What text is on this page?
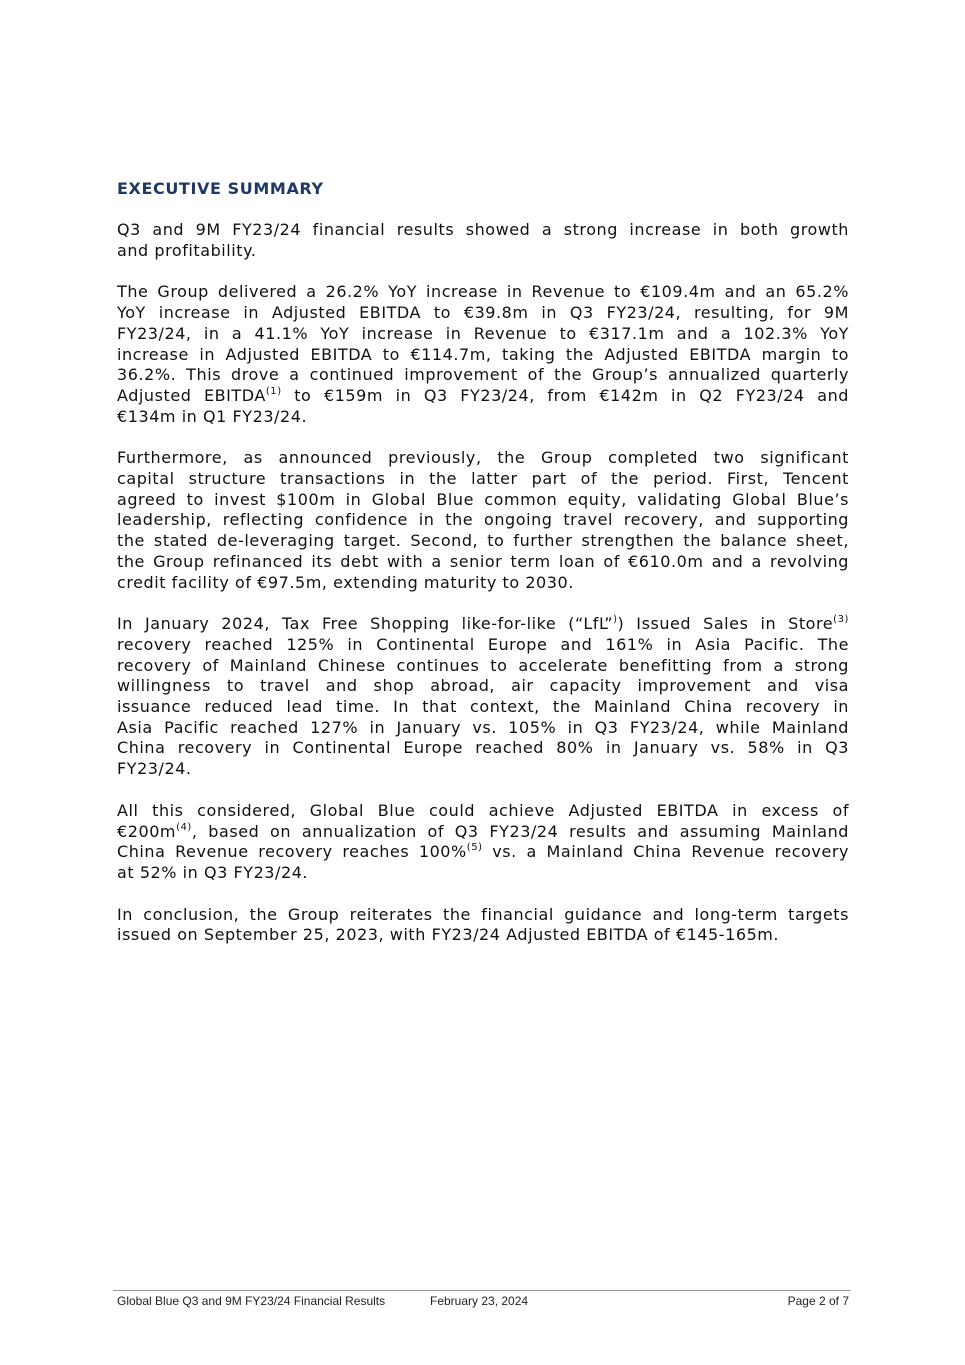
EXECUTIVE SUMMARY
Q3 and 9M FY23/24 financial results showed a strong increase in both growth
and profitability.
The Group delivered a 26.2% YoY increase in Revenue to €109.4m and an 65.2%
YoY increase in Adjusted EBITDA to €39.8m in Q3 FY23/24, resulting, for 9M
FY23/24, in a 41.1% YoY increase in Revenue to €317.1m and a 102.3% YoY
increase in Adjusted EBITDA to €114.7m, taking the Adjusted EBITDA margin to
36.2%. This drove a continued improvement of the Group’s annualized quarterly
Adjusted EBITDA$^{(1)}$ to €159m in Q3 FY23/24, from €142m in Q2 FY23/24 and
€134m in Q1 FY23/24.
Furthermore, as announced previously, the Group completed two significant
capital structure transactions in the latter part of the period. First, Tencent
agreed to invest $100m in Global Blue common equity, validating Global Blue’s
leadership, reflecting confidence in the ongoing travel recovery, and supporting
the stated de-leveraging target. Second, to further strengthen the balance sheet,
the Group refinanced its debt with a senior term loan of €610.0m and a revolving
credit facility of €97.5m, extending maturity to 2030.
In January 2024, Tax Free Shopping like-for-like (“LfL”)) Issued Sales in Store$^{(3)}$
recovery reached 125% in Continental Europe and 161% in Asia Pacific. The
recovery of Mainland Chinese continues to accelerate benefitting from a strong
willingness to travel and shop abroad, air capacity improvement and visa
issuance reduced lead time. In that context, the Mainland China recovery in
Asia Pacific reached 127% in January vs. 105% in Q3 FY23/24, while Mainland
China recovery in Continental Europe reached 80% in January vs. 58% in Q3
FY23/24.
All this considered, Global Blue could achieve Adjusted EBITDA in excess of
$€200m^{(4)}$, based on annualization of Q3 FY23/24 results and assuming Mainland
China Revenue recovery reaches 100%$^{(5)}$ vs. a Mainland China Revenue recovery
at 52% in Q3 FY23/24.
In conclusion, the Group reiterates the financial guidance and long-term targets
issued on September 25, 2023, with FY23/24 Adjusted EBITDA of €145-165m.
Global Blue Q3 and 9M FY23/24 Financial Results	February 23, 2024	Page 2 of 7
